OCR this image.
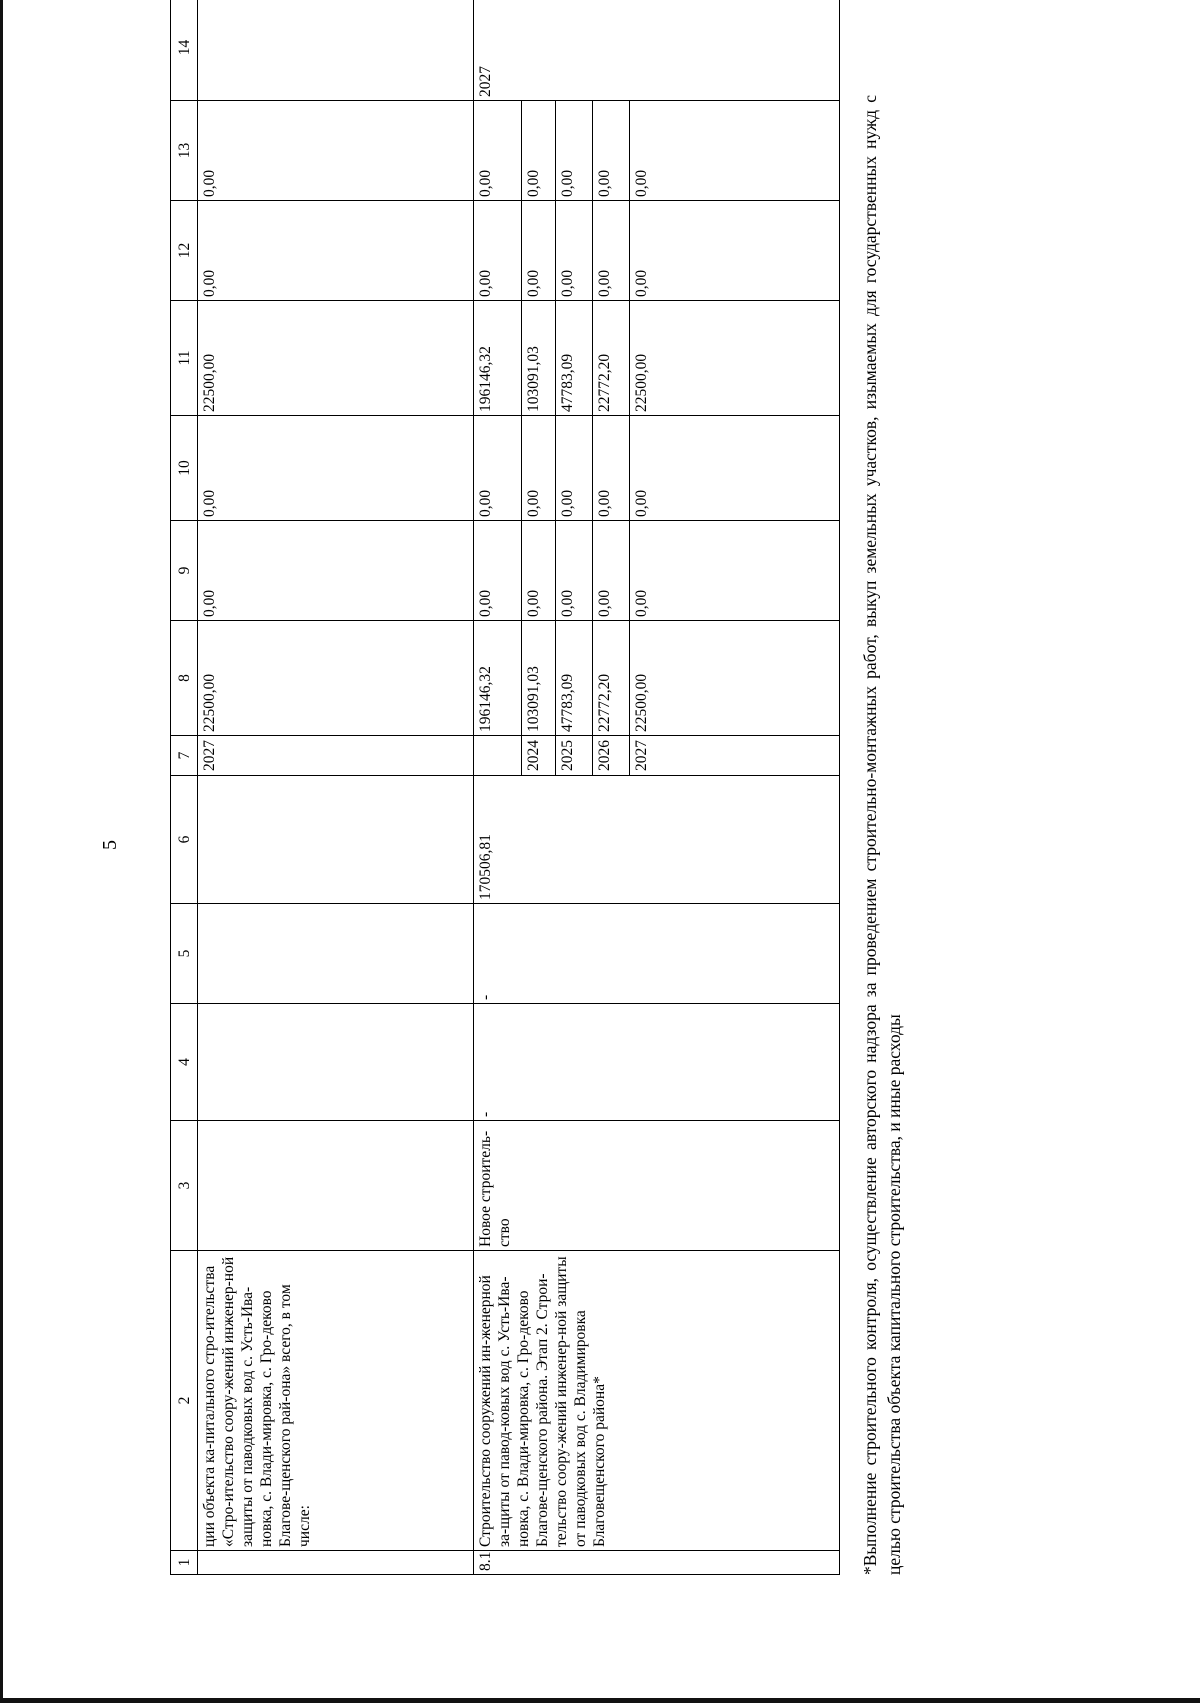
5
1	2	3	4	5	6	7	8	9	10	11	12	13	14
	ции объекта ка-питального стро-ительства «Стро-ительство соору-жений инженер-ной защиты от паводковых вод с. Усть-Ива-новка, с. Влади-мировка, с. Гро-деково Благове-щенского рай-она» всего, в том числе:					2027	22500,00	0,00	0,00	22500,00	0,00	0,00	
8.1	Строительство сооружений ин-женерной за-щиты от павод-ковых вод с. Усть-Ива-новка, с. Влади-мировка, с. Гро-деково Благове-щенского района. Этап 2. Строи-тельство соору-жений инженер-ной защиты от паводковых вод с. Владимировка Благовещенского района*	Новое строитель-ство	-	-	170506,81		196146,32	0,00	0,00	196146,32	0,00	0,00	2027
						2024	103091,03	0,00	0,00	103091,03	0,00	0,00	
						2025	47783,09	0,00	0,00	47783,09	0,00	0,00	
						2026	22772,20	0,00	0,00	22772,20	0,00	0,00	
						2027	22500,00	0,00	0,00	22500,00	0,00	0,00		*Выполнение строительного контроля, осуществление авторского надзора за проведением строительно-монтажных работ, выкуп земельных участков, изымаемых для государственных нужд с целью строительства объекта капитального строительства, и иные расходы
